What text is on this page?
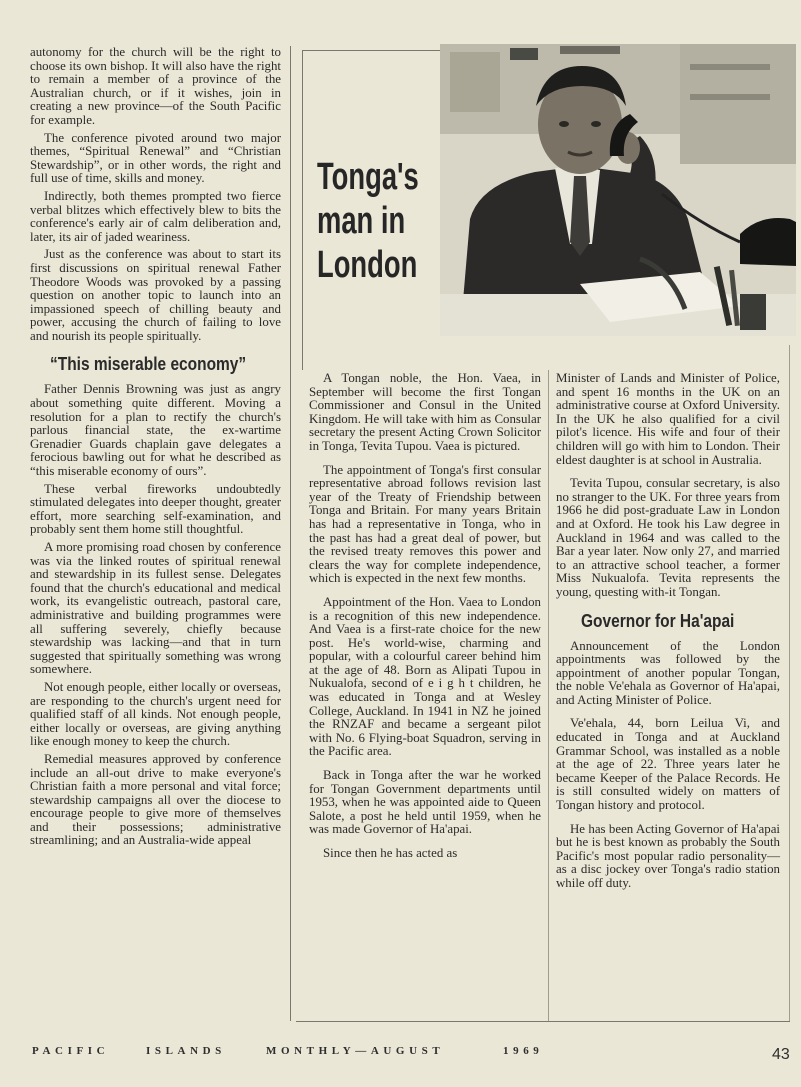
autonomy for the church will be the right to choose its own bishop. It will also have the right to remain a member of a province of the Australian church, or if it wishes, join in creating a new province—of the South Pacific for example.

The conference pivoted around two major themes, “Spiritual Renewal” and “Christian Stewardship”, or in other words, the right and full use of time, skills and money.

Indirectly, both themes prompted two fierce verbal blitzes which effectively blew to bits the conference's early air of calm deliberation and, later, its air of jaded weariness.

Just as the conference was about to start its first discussions on spiritual renewal Father Theodore Woods was provoked by a passing question on another topic to launch into an impassioned speech of chilling beauty and power, accusing the church of failing to love and nourish its people spiritually.

“This miserable economy”

Father Dennis Browning was just as angry about something quite different. Moving a resolution for a plan to rectify the church's parlous financial state, the ex-wartime Grenadier Guards chaplain gave delegates a ferocious bawling out for what he described as “this miserable economy of ours”.

These verbal fireworks undoubtedly stimulated delegates into deeper thought, greater effort, more searching self-examination, and probably sent them home still thoughtful.

A more promising road chosen by conference was via the linked routes of spiritual renewal and stewardship in its fullest sense. Delegates found that the church's educational and medical work, its evangelistic outreach, pastoral care, administrative and building programmes were all suffering severely, chiefly because stewardship was lacking—and that in turn suggested that spiritually something was wrong somewhere.

Not enough people, either locally or overseas, are responding to the church's urgent need for qualified staff of all kinds. Not enough people, either locally or overseas, are giving anything like enough money to keep the church.

Remedial measures approved by conference include an all-out drive to make everyone's Christian faith a more personal and vital force; stewardship campaigns all over the diocese to encourage people to give more of themselves and their possessions; administrative streamlining; and an Australia-wide appeal

Tonga's
man in
London

A Tongan noble, the Hon. Vaea, in September will become the first Tongan Commissioner and Consul in the United Kingdom. He will take with him as Consular secretary the present Acting Crown Solicitor in Tonga, Tevita Tupou. Vaea is pictured.

The appointment of Tonga's first consular representative abroad follows revision last year of the Treaty of Friendship between Tonga and Britain. For many years Britain has had a representative in Tonga, who in the past has had a great deal of power, but the revised treaty removes this power and clears the way for complete independence, which is expected in the next few months.

Appointment of the Hon. Vaea to London is a recognition of this new independence. And Vaea is a first-rate choice for the new post. He's world-wise, charming and popular, with a colourful career behind him at the age of 48. Born as Alipati Tupou in Nukualofa, second of e i g h t children, he was educated in Tonga and at Wesley College, Auckland. In 1941 in NZ he joined the RNZAF and became a sergeant pilot with No. 6 Flying-boat Squadron, serving in the Pacific area.

Back in Tonga after the war he worked for Tongan Government departments until 1953, when he was appointed aide to Queen Salote, a post he held until 1959, when he was made Governor of Ha'apai.

Since then he has acted as

Minister of Lands and Minister of Police, and spent 16 months in the UK on an administrative course at Oxford University. In the UK he also qualified for a civil pilot's licence. His wife and four of their children will go with him to London. Their eldest daughter is at school in Australia.

Tevita Tupou, consular secretary, is also no stranger to the UK. For three years from 1966 he did post-graduate Law in London and at Oxford. He took his Law degree in Auckland in 1964 and was called to the Bar a year later. Now only 27, and married to an attractive school teacher, a former Miss Nukualofa. Tevita represents the young, questing with-it Tongan.

Governor for Ha'apai

Announcement of the London appointments was followed by the appointment of another popular Tongan, the noble Ve'ehala as Governor of Ha'apai, and Acting Minister of Police.

Ve'ehala, 44, born Leilua Vi, and educated in Tonga and at Auckland Grammar School, was installed as a noble at the age of 22. Three years later he became Keeper of the Palace Records. He is still consulted widely on matters of Tongan history and protocol.

He has been Acting Governor of Ha'apai but he is best known as probably the South Pacific's most popular radio personality—as a disc jockey over Tonga's radio station while off duty.

PACIFIC	ISLANDS	MONTHLY—AUGUST	1969	43
